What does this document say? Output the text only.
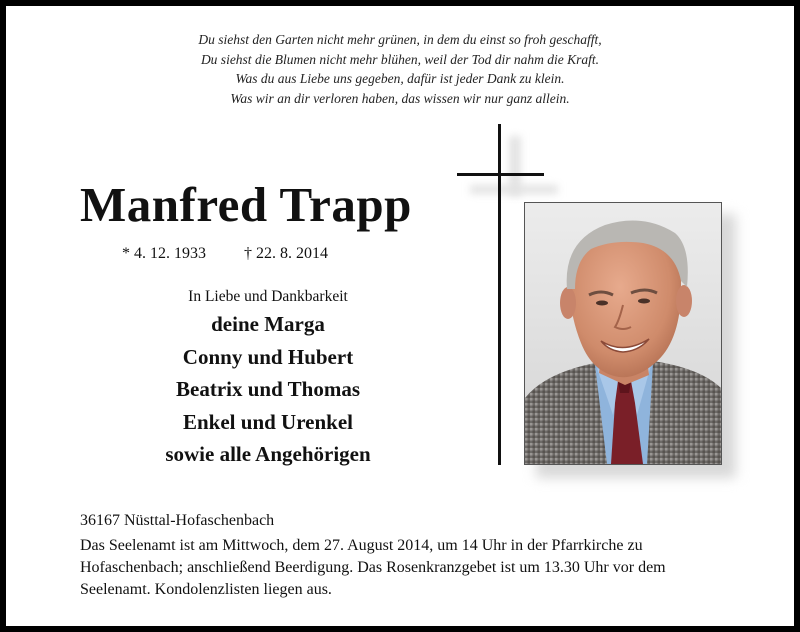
Du siehst den Garten nicht mehr grünen, in dem du einst so froh geschafft,
Du siehst die Blumen nicht mehr blühen, weil der Tod dir nahm die Kraft.
Was du aus Liebe uns gegeben, dafür ist jeder Dank zu klein.
Was wir an dir verloren haben, das wissen wir nur ganz allein.
Manfred Trapp
* 4. 12. 1933 † 22. 8. 2014
In Liebe und Dankbarkeit
deine Marga
Conny und Hubert
Beatrix und Thomas
Enkel und Urenkel
sowie alle Angehörigen
36167 Nüsttal-Hofaschenbach
Das Seelenamt ist am Mittwoch, dem 27. August 2014, um 14 Uhr in der Pfarrkirche zu Hofaschenbach; anschließend Beerdigung. Das Rosenkranzgebet ist um 13.30 Uhr vor dem Seelenamt. Kondolenzlisten liegen aus.
